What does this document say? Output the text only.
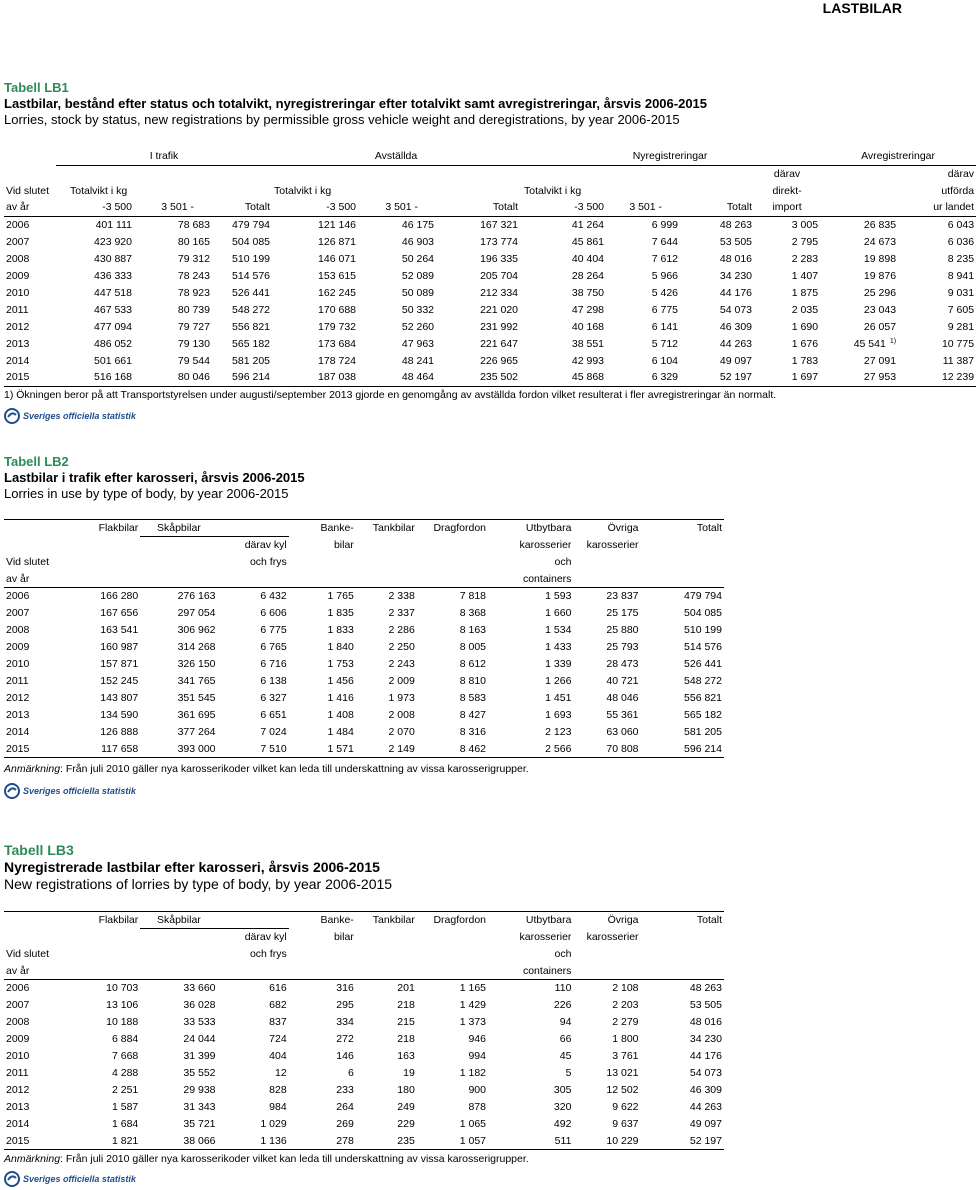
LASTBILAR
Tabell LB1
Lastbilar, bestånd efter status och totalvikt, nyregistreringar efter totalvikt samt avregistreringar, årsvis 2006-2015
Lorries, stock by status, new registrations by permissible gross vehicle weight and deregistrations, by year 2006-2015
	I trafik			Avställda			Nyregistreringar				Avregistreringar	
										därav		därav
Vid slutet	Totalvikt i kg			Totalvikt i kg			Totalvikt i kg			direkt-		utförda
av år	-3 500	3 501 -	Totalt	-3 500	3 501 -	Totalt	-3 500	3 501 -	Totalt	import		ur landet
2006	401 111	78 683	479 794	121 146	46 175	167 321	41 264	6 999	48 263	3 005	26 835	6 043
2007	423 920	80 165	504 085	126 871	46 903	173 774	45 861	7 644	53 505	2 795	24 673	6 036
2008	430 887	79 312	510 199	146 071	50 264	196 335	40 404	7 612	48 016	2 283	19 898	8 235
2009	436 333	78 243	514 576	153 615	52 089	205 704	28 264	5 966	34 230	1 407	19 876	8 941
2010	447 518	78 923	526 441	162 245	50 089	212 334	38 750	5 426	44 176	1 875	25 296	9 031
2011	467 533	80 739	548 272	170 688	50 332	221 020	47 298	6 775	54 073	2 035	23 043	7 605
2012	477 094	79 727	556 821	179 732	52 260	231 992	40 168	6 141	46 309	1 690	26 057	9 281
2013	486 052	79 130	565 182	173 684	47 963	221 647	38 551	5 712	44 263	1 676	45 541 $^{1)}$	10 775
2014	501 661	79 544	581 205	178 724	48 241	226 965	42 993	6 104	49 097	1 783	27 091	11 387
2015	516 168	80 046	596 214	187 038	48 464	235 502	45 868	6 329	52 197	1 697	27 953	12 239
1) Ökningen beror på att Transportstyrelsen under augusti/september 2013 gjorde en genomgång av avställda fordon vilket resulterat i fler avregistreringar än normalt.
Sveriges officiella statistik
Tabell LB2
Lastbilar i trafik efter karosseri, årsvis 2006-2015
Lorries in use by type of body, by year 2006-2015
	Flakbilar	Skåpbilar		Banke-	Tankbilar	Dragfordon	Utbytbara	Övriga	Totalt
			därav kyl	bilar			karosserier	karosserier	
Vid slutet			och frys				och		
av år							containers		
2006	166 280	276 163	6 432	1 765	2 338	7 818	1 593	23 837	479 794
2007	167 656	297 054	6 606	1 835	2 337	8 368	1 660	25 175	504 085
2008	163 541	306 962	6 775	1 833	2 286	8 163	1 534	25 880	510 199
2009	160 987	314 268	6 765	1 840	2 250	8 005	1 433	25 793	514 576
2010	157 871	326 150	6 716	1 753	2 243	8 612	1 339	28 473	526 441
2011	152 245	341 765	6 138	1 456	2 009	8 810	1 266	40 721	548 272
2012	143 807	351 545	6 327	1 416	1 973	8 583	1 451	48 046	556 821
2013	134 590	361 695	6 651	1 408	2 008	8 427	1 693	55 361	565 182
2014	126 888	377 264	7 024	1 484	2 070	8 316	2 123	63 060	581 205
2015	117 658	393 000	7 510	1 571	2 149	8 462	2 566	70 808	596 214
Anmärkning: Från juli 2010 gäller nya karosserikoder vilket kan leda till underskattning av vissa karosserigrupper.
Sveriges officiella statistik
Tabell LB3
Nyregistrerade lastbilar efter karosseri, årsvis 2006-2015
New registrations of lorries by type of body, by year 2006-2015
	Flakbilar	Skåpbilar		Banke-	Tankbilar	Dragfordon	Utbytbara	Övriga	Totalt
			därav kyl	bilar			karosserier	karosserier	
Vid slutet			och frys				och		
av år							containers		
2006	10 703	33 660	616	316	201	1 165	110	2 108	48 263
2007	13 106	36 028	682	295	218	1 429	226	2 203	53 505
2008	10 188	33 533	837	334	215	1 373	94	2 279	48 016
2009	6 884	24 044	724	272	218	946	66	1 800	34 230
2010	7 668	31 399	404	146	163	994	45	3 761	44 176
2011	4 288	35 552	12	6	19	1 182	5	13 021	54 073
2012	2 251	29 938	828	233	180	900	305	12 502	46 309
2013	1 587	31 343	984	264	249	878	320	9 622	44 263
2014	1 684	35 721	1 029	269	229	1 065	492	9 637	49 097
2015	1 821	38 066	1 136	278	235	1 057	511	10 229	52 197
Anmärkning: Från juli 2010 gäller nya karosserikoder vilket kan leda till underskattning av vissa karosserigrupper.
Sveriges officiella statistik
